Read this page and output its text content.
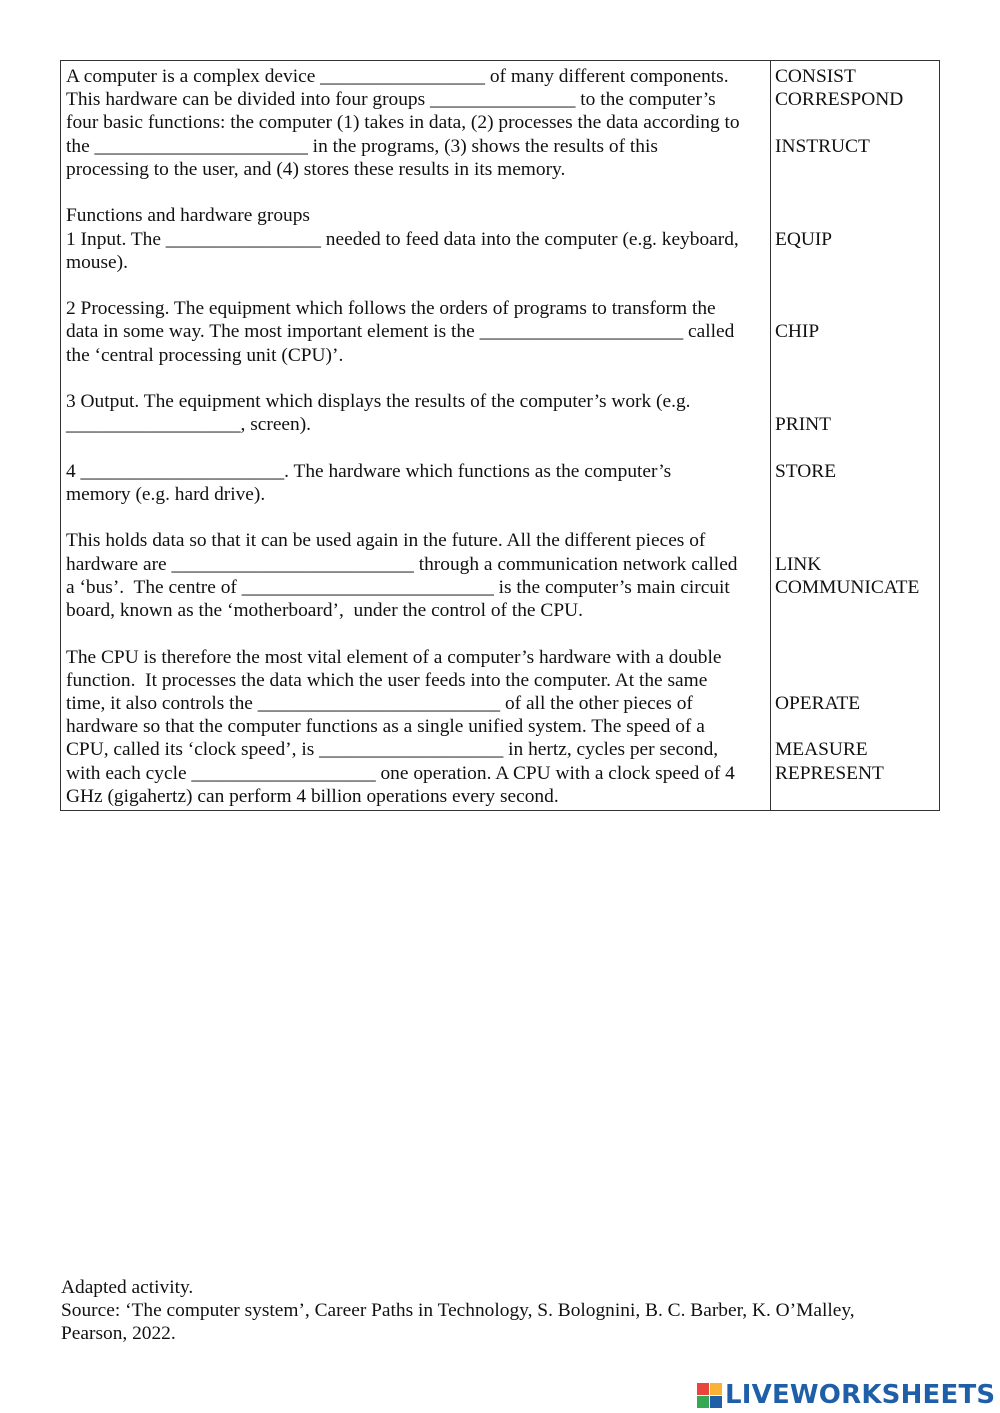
A computer is a complex device _________________ of many different components.
This hardware can be divided into four groups _______________ to the computer’s
four basic functions: the computer (1) takes in data, (2) processes the data according to
the ______________________ in the programs, (3) shows the results of this
processing to the user, and (4) stores these results in its memory.
Functions and hardware groups
1 Input. The ________________ needed to feed data into the computer (e.g. keyboard,
mouse).
2 Processing. The equipment which follows the orders of programs to transform the
data in some way. The most important element is the _____________________ called
the ‘central processing unit (CPU)’.
3 Output. The equipment which displays the results of the computer’s work (e.g.
__________________, screen).
4 _____________________. The hardware which functions as the computer’s
memory (e.g. hard drive).
This holds data so that it can be used again in the future. All the different pieces of
hardware are _________________________ through a communication network called
a ‘bus’.  The centre of __________________________ is the computer’s main circuit
board, known as the ‘motherboard’,  under the control of the CPU.
The CPU is therefore the most vital element of a computer’s hardware with a double
function.  It processes the data which the user feeds into the computer. At the same
time, it also controls the _________________________ of all the other pieces of
hardware so that the computer functions as a single unified system. The speed of a
CPU, called its ‘clock speed’, is ___________________ in hertz, cycles per second,
with each cycle ___________________ one operation. A CPU with a clock speed of 4
GHz (gigahertz) can perform 4 billion operations every second.
CONSIST
CORRESPOND
INSTRUCT
EQUIP
CHIP
PRINT
STORE
LINK
COMMUNICATE
OPERATE
MEASURE
REPRESENT
Adapted activity.
Source: ‘The computer system’, Career Paths in Technology, S. Bolognini, B. C. Barber, K. O’Malley,
Pearson, 2022.
LIVEWORKSHEETS
